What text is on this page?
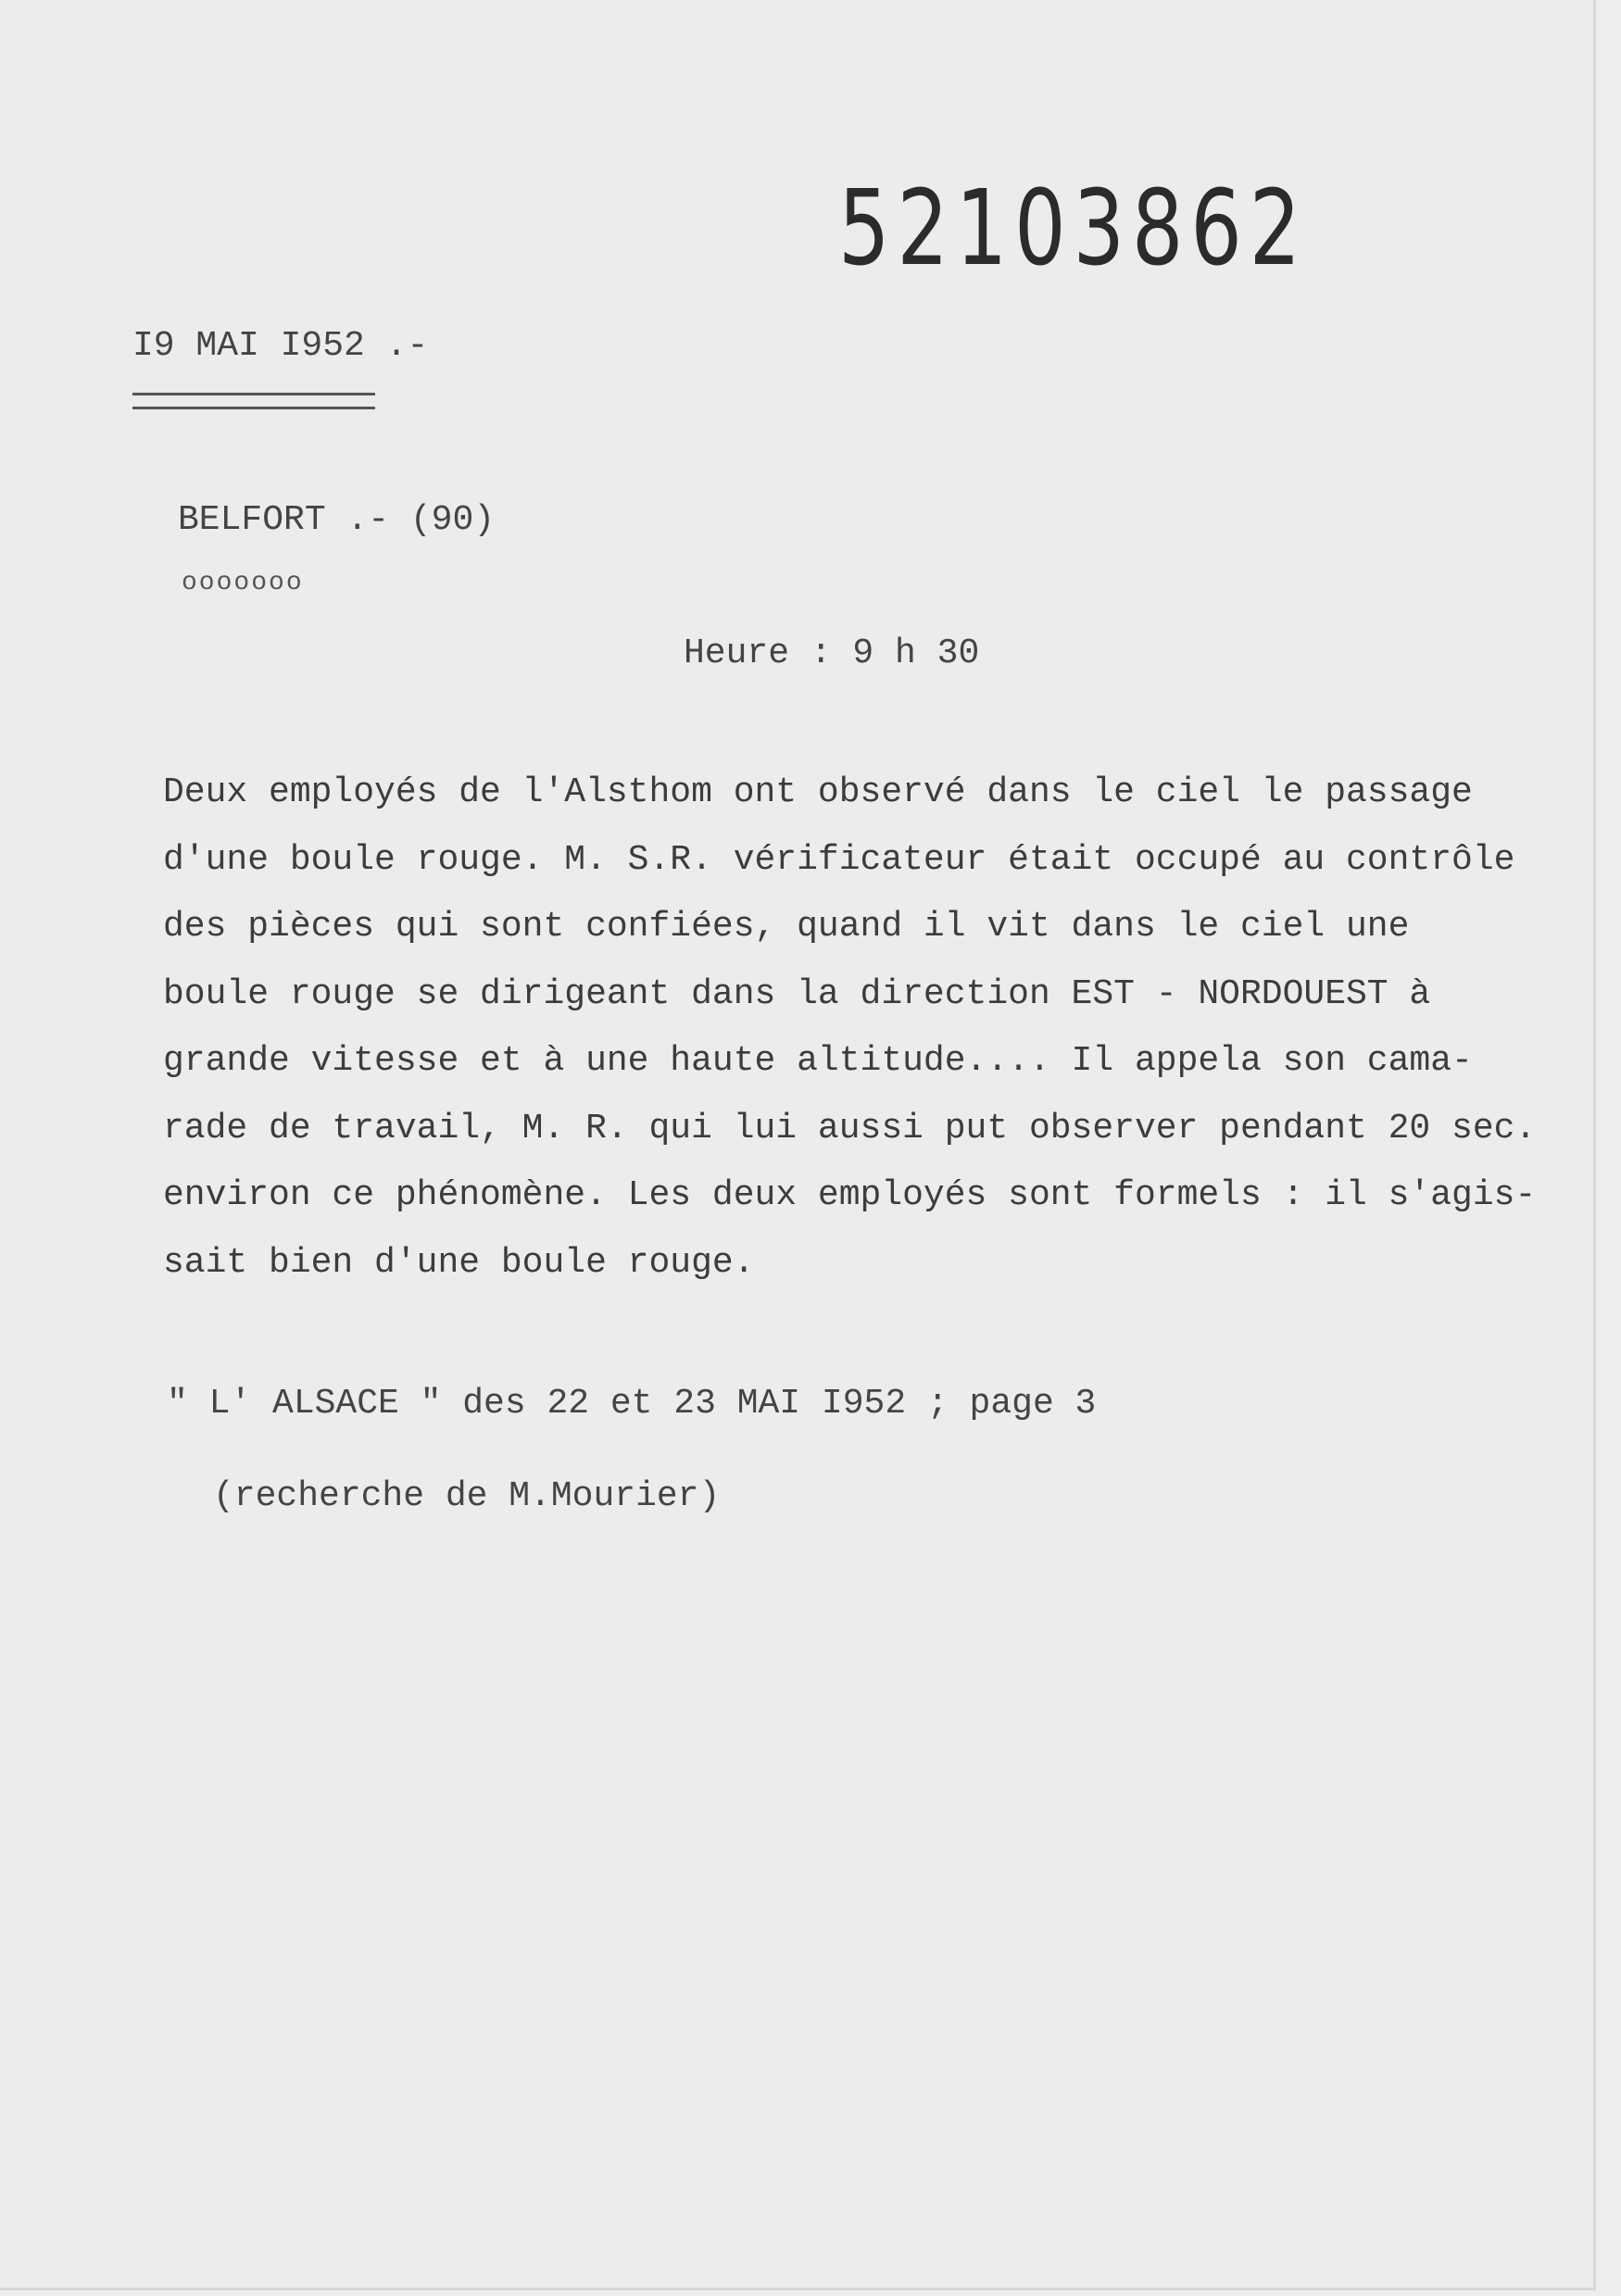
52103862
I9 MAI I952 .-
BELFORT .- (90)
ooooooo
Heure : 9 h 30
Deux employés de l'Alsthom ont observé dans le ciel le passage
d'une boule rouge. M. S.R. vérificateur était occupé au contrôle
des pièces qui sont confiées, quand il vit dans le ciel une
boule rouge se dirigeant dans la direction EST - NORDOUEST à
grande vitesse et à une haute altitude.... Il appela son cama-
rade de travail, M. R. qui lui aussi put observer pendant 20 sec.
environ ce phénomène. Les deux employés sont formels : il s'agis-
sait bien d'une boule rouge.
" L' ALSACE " des 22 et 23 MAI I952 ; page 3
(recherche de M.Mourier)
